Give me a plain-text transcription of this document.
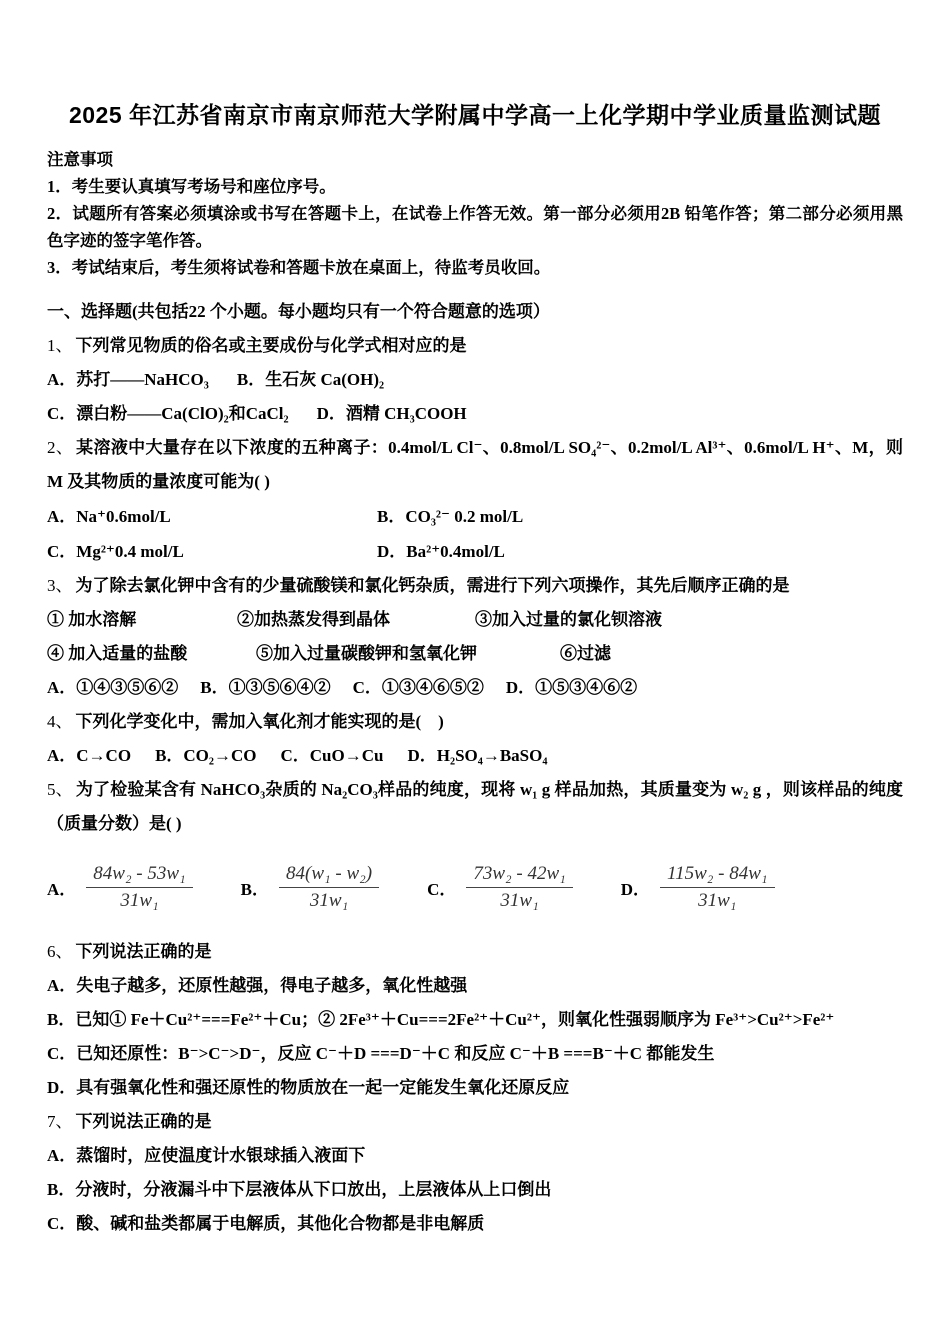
2025 年江苏省南京市南京师范大学附属中学高一上化学期中学业质量监测试题
注意事项
1．考生要认真填写考场号和座位序号。
2．试题所有答案必须填涂或书写在答题卡上，在试卷上作答无效。第一部分必须用2B 铅笔作答；第二部分必须用黑色字迹的签字笔作答。
3．考试结束后，考生须将试卷和答题卡放在桌面上，待监考员收回。
一、选择题(共包括22 个小题。每小题均只有一个符合题意的选项）
1、 下列常见物质的俗名或主要成份与化学式相对应的是
A．苏打——NaHCO₃ B．生石灰 Ca(OH)₂
C．漂白粉——Ca(ClO)₂和CaCl₂ D．酒精 CH₃COOH
2、 某溶液中大量存在以下浓度的五种离子：0.4mol/L Cl⁻、0.8mol/L SO₄²⁻、0.2mol/L Al³⁺、0.6mol/L H⁺、M，则 M 及其物质的量浓度可能为( )
A．Na⁺0.6mol/L	B．CO₃²⁻ 0.2 mol/L
C．Mg²⁺0.4 mol/L	D．Ba²⁺0.4mol/L
3、 为了除去氯化钾中含有的少量硫酸镁和氯化钙杂质，需进行下列六项操作，其先后顺序正确的是
① 加水溶解	②加热蒸发得到晶体	③加入过量的氯化钡溶液
④ 加入适量的盐酸	⑤加入过量碳酸钾和氢氧化钾	⑥过滤
A．①④③⑤⑥② B．①③⑤⑥④② C．①③④⑥⑤② D．①⑤③④⑥②
4、 下列化学变化中，需加入氧化剂才能实现的是(　)
A．C→CO B．CO₂→CO C．CuO→Cu D．H₂SO₄→BaSO₄
5、 为了检验某含有 NaHCO₃杂质的 Na₂CO₃样品的纯度，现将 w₁ g 样品加热，其质量变为 w₂ g ，则该样品的纯度（质量分数）是( )
A． $\frac{\text{84w₂ - 53w₁}}{\text{31w₁}}$	B． $\frac{\text{84(w₁ - w₂)}}{\text{31w₁}}$	C． $\frac{\text{73w₂ - 42w₁}}{\text{31w₁}}$	D． $\frac{\text{115w₂ - 84w₁}}{\text{31w₁}}$
6、 下列说法正确的是
A．失电子越多，还原性越强，得电子越多，氧化性越强
B．已知① Fe＋Cu²⁺===Fe²⁺＋Cu；② 2Fe³⁺＋Cu===2Fe²⁺＋Cu²⁺，则氧化性强弱顺序为 Fe³⁺>Cu²⁺>Fe²⁺
C．已知还原性：B⁻>C⁻>D⁻，反应 C⁻＋D ===D⁻＋C 和反应 C⁻＋B ===B⁻＋C 都能发生
D．具有强氧化性和强还原性的物质放在一起一定能发生氧化还原反应
7、 下列说法正确的是
A．蒸馏时，应使温度计水银球插入液面下
B．分液时，分液漏斗中下层液体从下口放出，上层液体从上口倒出
C．酸、碱和盐类都属于电解质，其他化合物都是非电解质
